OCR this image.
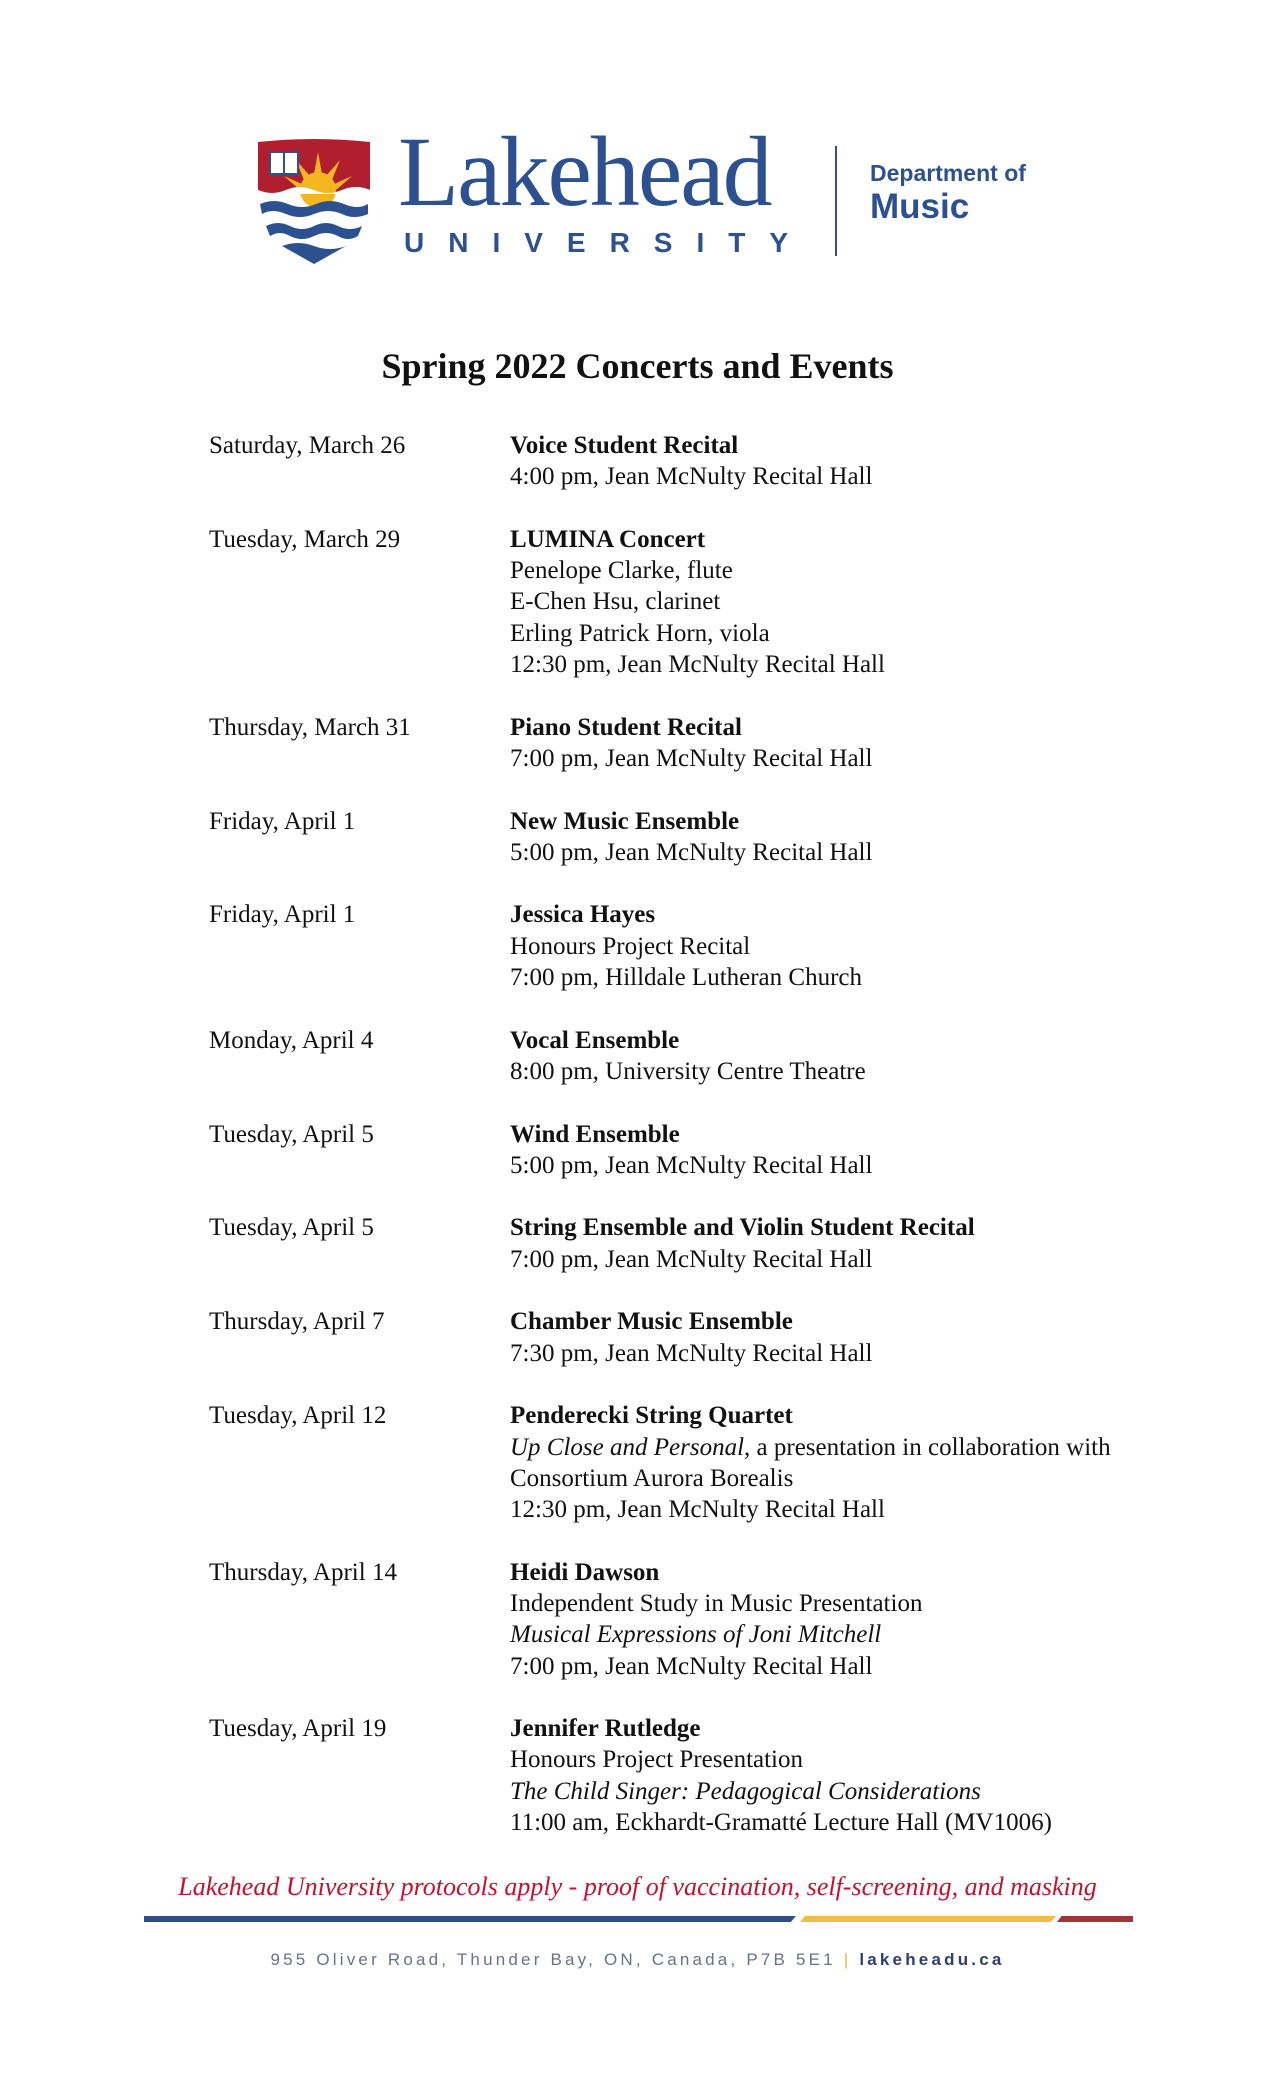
Lakehead
UNIVERSITY
Department of
Music
Spring 2022 Concerts and Events
Saturday, March 26	Voice Student Recital
4:00 pm, Jean McNulty Recital Hall
Tuesday, March 29	LUMINA Concert
Penelope Clarke, flute
E-Chen Hsu, clarinet
Erling Patrick Horn, viola
12:30 pm, Jean McNulty Recital Hall
Thursday, March 31	Piano Student Recital
7:00 pm, Jean McNulty Recital Hall
Friday, April 1	New Music Ensemble
5:00 pm, Jean McNulty Recital Hall
Friday, April 1	Jessica Hayes
Honours Project Recital
7:00 pm, Hilldale Lutheran Church
Monday, April 4	Vocal Ensemble
8:00 pm, University Centre Theatre
Tuesday, April 5	Wind Ensemble
5:00 pm, Jean McNulty Recital Hall
Tuesday, April 5	String Ensemble and Violin Student Recital
7:00 pm, Jean McNulty Recital Hall
Thursday, April 7	Chamber Music Ensemble
7:30 pm, Jean McNulty Recital Hall
Tuesday, April 12	Penderecki String Quartet
Up Close and Personal, a presentation in collaboration with
Consortium Aurora Borealis
12:30 pm, Jean McNulty Recital Hall
Thursday, April 14	Heidi Dawson
Independent Study in Music Presentation
Musical Expressions of Joni Mitchell
7:00 pm, Jean McNulty Recital Hall
Tuesday, April 19	Jennifer Rutledge
Honours Project Presentation
The Child Singer: Pedagogical Considerations
11:00 am, Eckhardt-Gramatté Lecture Hall (MV1006)
Lakehead University protocols apply - proof of vaccination, self-screening, and masking
955 Oliver Road, Thunder Bay, ON, Canada, P7B 5E1 | lakeheadu.ca
